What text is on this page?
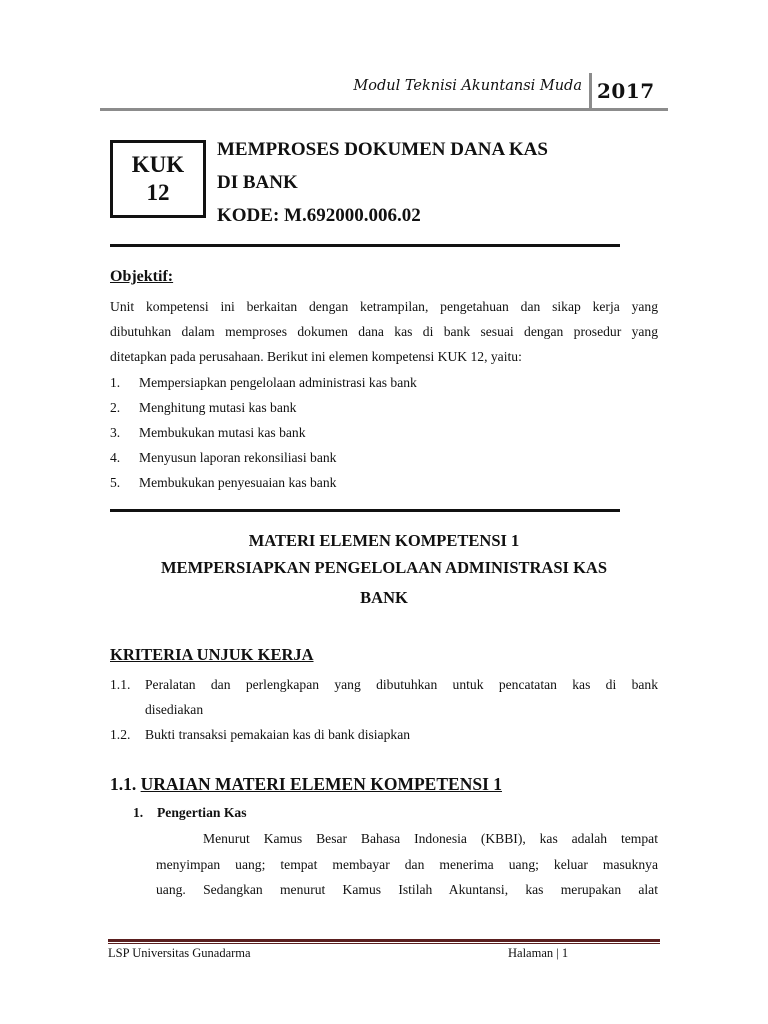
Modul Teknisi Akuntansi Muda 2017
KUK
12
MEMPROSES DOKUMEN DANA KAS
DI BANK
KODE: M.692000.006.02
Objektif:
Unit kompetensi ini berkaitan dengan ketrampilan, pengetahuan dan sikap kerja yang
dibutuhkan dalam memproses dokumen dana kas di bank sesuai dengan prosedur yang
ditetapkan pada perusahaan. Berikut ini elemen kompetensi KUK 12, yaitu:
1.	Mempersiapkan pengelolaan administrasi kas bank
2.	Menghitung mutasi kas bank
3.	Membukukan mutasi kas bank
4.	Menyusun laporan rekonsiliasi bank
5.	Membukukan penyesuaian kas bank
MATERI ELEMEN KOMPETENSI 1
MEMPERSIAPKAN PENGELOLAAN ADMINISTRASI KAS
BANK
KRITERIA UNJUK KERJA
1.1.	Peralatan dan perlengkapan yang dibutuhkan untuk pencatatan kas di bank
disediakan
1.2.	Bukti transaksi pemakaian kas di bank disiapkan
1.1. URAIAN MATERI ELEMEN KOMPETENSI 1
1. Pengertian Kas
Menurut Kamus Besar Bahasa Indonesia (KBBI), kas adalah tempat
menyimpan uang; tempat membayar dan menerima uang; keluar masuknya
uang. Sedangkan menurut Kamus Istilah Akuntansi, kas merupakan alat
LSP Universitas Gunadarma	Halaman | 1
